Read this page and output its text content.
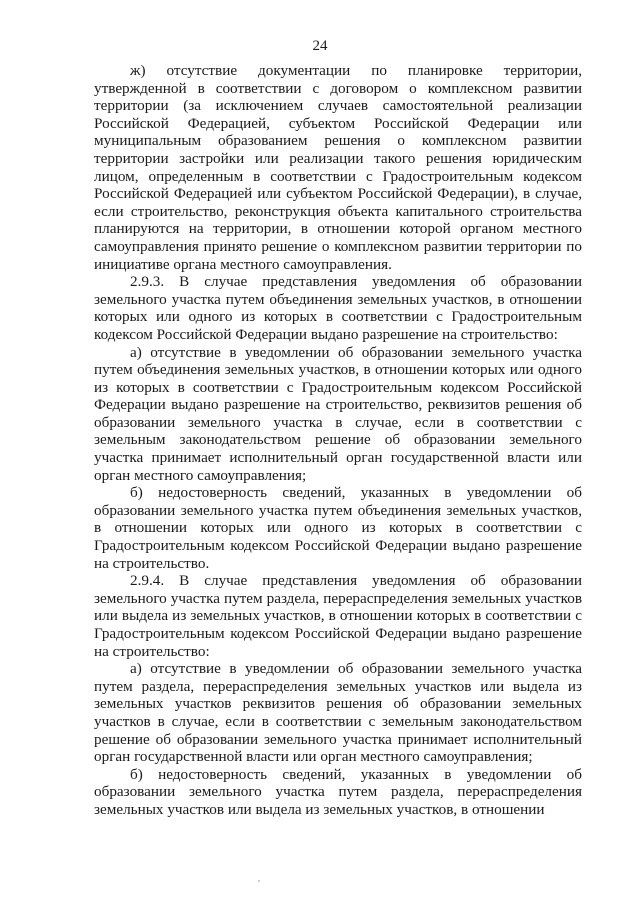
24

ж) отсутствие документации по планировке территории, утвержденной в соответствии с договором о комплексном развитии территории (за исключением случаев самостоятельной реализации Российской Федерацией, субъектом Российской Федерации или муниципальным образованием решения о комплексном развитии территории застройки или реализации такого решения юридическим лицом, определенным в соответствии с Градостроительным кодексом Российской Федерацией или субъектом Российской Федерации), в случае, если строительство, реконструкция объекта капитального строительства планируются на территории, в отношении которой органом местного самоуправления принято решение о комплексном развитии территории по инициативе органа местного самоуправления.

2.9.3. В случае представления уведомления об образовании земельного участка путем объединения земельных участков, в отношении которых или одного из которых в соответствии с Градостроительным кодексом Российской Федерации выдано разрешение на строительство:

а) отсутствие в уведомлении об образовании земельного участка путем объединения земельных участков, в отношении которых или одного из которых в соответствии с Градостроительным кодексом Российской Федерации выдано разрешение на строительство, реквизитов решения об образовании земельного участка в случае, если в соответствии с земельным законодательством решение об образовании земельного участка принимает исполнительный орган государственной власти или орган местного самоуправления;

б) недостоверность сведений, указанных в уведомлении об образовании земельного участка путем объединения земельных участков, в отношении которых или одного из которых в соответствии с Градостроительным кодексом Российской Федерации выдано разрешение на строительство.

2.9.4. В случае представления уведомления об образовании земельного участка путем раздела, перераспределения земельных участков или выдела из земельных участков, в отношении которых в соответствии с Градостроительным кодексом Российской Федерации выдано разрешение на строительство:

а) отсутствие в уведомлении об образовании земельного участка путем раздела, перераспределения земельных участков или выдела из земельных участков реквизитов решения об образовании земельных участков в случае, если в соответствии с земельным законодательством решение об образовании земельного участка принимает исполнительный орган государственной власти или орган местного самоуправления;

б) недостоверность сведений, указанных в уведомлении об образовании земельного участка путем раздела, перераспределения земельных участков или выдела из земельных участков, в отношении
